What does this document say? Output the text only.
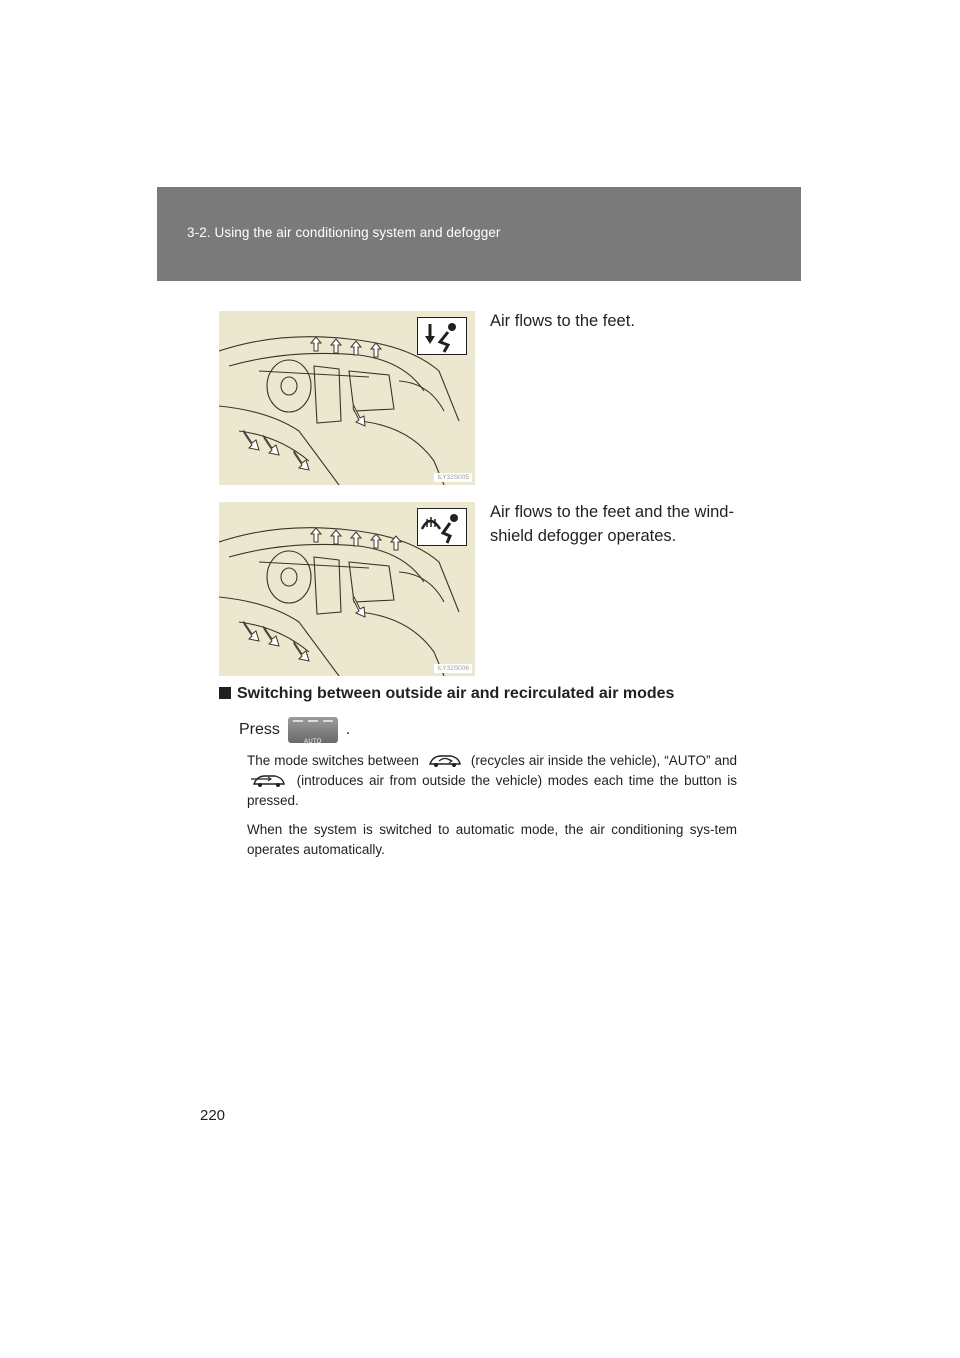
3-2. Using the air conditioning system and defogger
ILY32S005
Air flows to the feet.
ILY32S006
Air flows to the feet and the wind-shield defogger operates.
Switching between outside air and recirculated air modes
Press
AUTO
.
The mode switches between	(recycles air inside the vehicle), “AUTO” and  (introduces air from outside the vehicle) modes each time the button is pressed.
When the system is switched to automatic mode, the air conditioning sys-tem operates automatically.
220
